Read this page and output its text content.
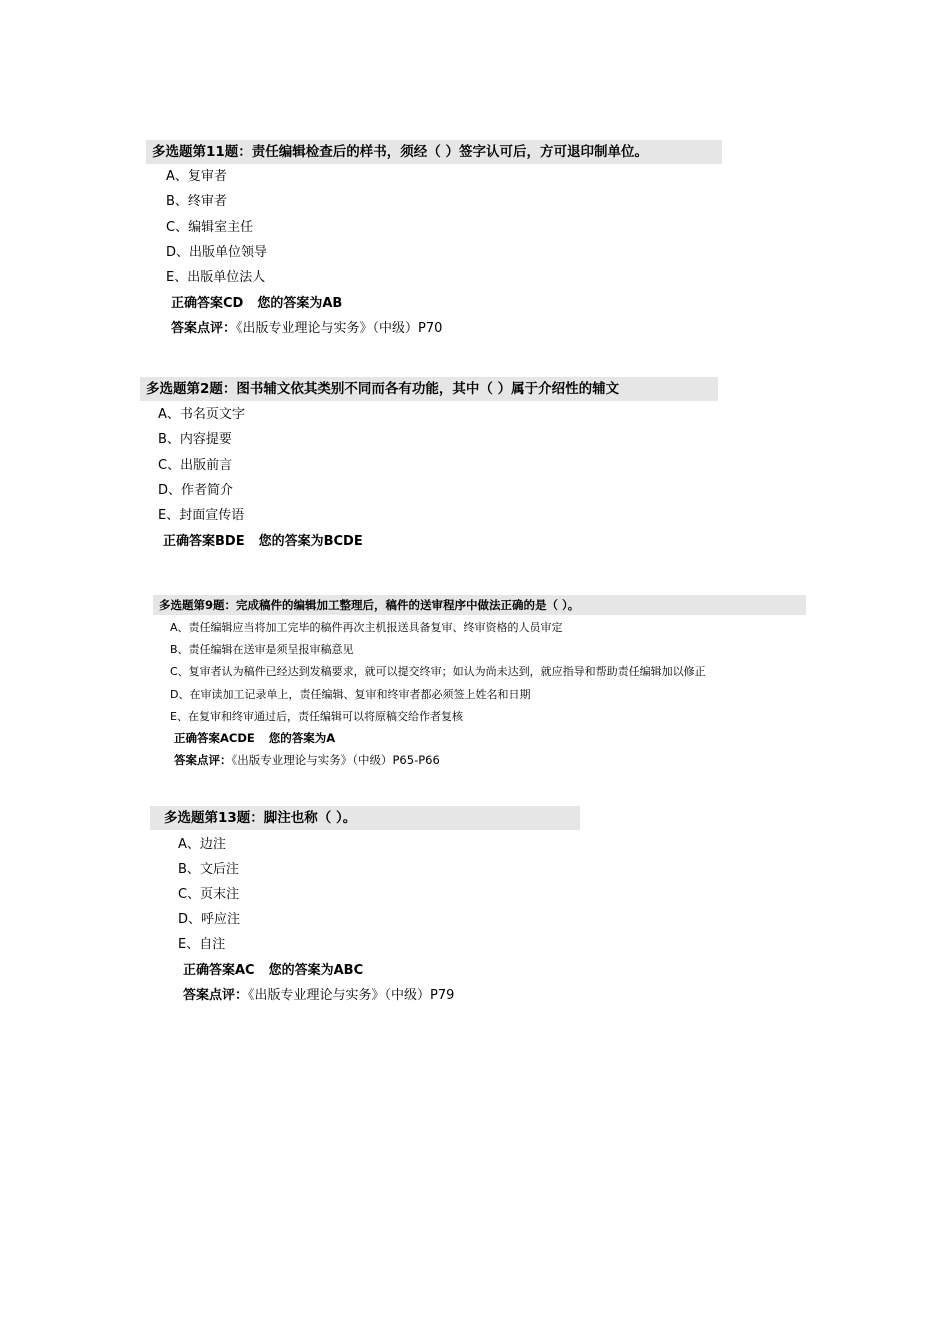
多选题第11题：责任编辑检查后的样书，须经（ ）签字认可后，方可退印制单位。
A、复审者
B、终审者
C、编辑室主任
D、出版单位领导
E、出版单位法人
正确答案CD 您的答案为AB
答案点评：《出版专业理论与实务》（中级）P70
多选题第2题：图书辅文依其类别不同而各有功能，其中（ ）属于介绍性的辅文
A、书名页文字
B、内容提要
C、出版前言
D、作者简介
E、封面宣传语
正确答案BDE 您的答案为BCDE
多选题第9题：完成稿件的编辑加工整理后，稿件的送审程序中做法正确的是（ ）。
A、责任编辑应当将加工完毕的稿件再次主机报送具备复审、终审资格的人员审定
B、责任编辑在送审是须呈报审稿意见
C、复审者认为稿件已经达到发稿要求，就可以提交终审；如认为尚未达到，就应指导和帮助责任编辑加以修正
D、在审读加工记录单上，责任编辑、复审和终审者都必须签上姓名和日期
E、在复审和终审通过后，责任编辑可以将原稿交给作者复核
正确答案ACDE 您的答案为A
答案点评：《出版专业理论与实务》（中级）P65-P66
多选题第13题：脚注也称（ ）。
A、边注
B、文后注
C、页末注
D、呼应注
E、自注
正确答案AC 您的答案为ABC
答案点评：《出版专业理论与实务》（中级）P79
